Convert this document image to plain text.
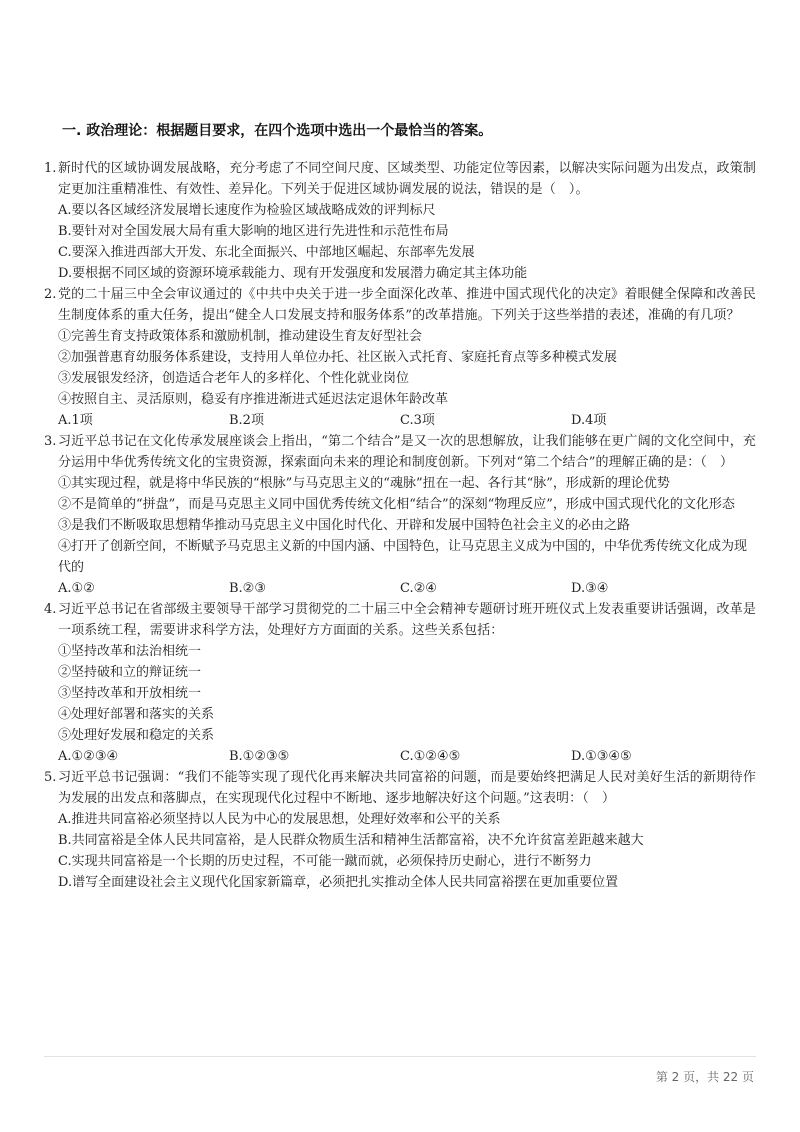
一. 政治理论：根据题目要求，在四个选项中选出一个最恰当的答案。
1. 新时代的区域协调发展战略，充分考虑了不同空间尺度、区域类型、功能定位等因素，以解决实际问题为出发点，政策制定更加注重精准性、有效性、差异化。下列关于促进区域协调发展的说法，错误的是（　）。
A.要以各区域经济发展增长速度作为检验区域战略成效的评判标尺
B.要针对对全国发展大局有重大影响的地区进行先进性和示范性布局
C.要深入推进西部大开发、东北全面振兴、中部地区崛起、东部率先发展
D.要根据不同区域的资源环境承载能力、现有开发强度和发展潜力确定其主体功能
2. 党的二十届三中全会审议通过的《中共中央关于进一步全面深化改革、推进中国式现代化的决定》着眼健全保障和改善民生制度体系的重大任务，提出“健全人口发展支持和服务体系”的改革措施。下列关于这些举措的表述，准确的有几项？
①完善生育支持政策体系和激励机制，推动建设生育友好型社会
②加强普惠育幼服务体系建设，支持用人单位办托、社区嵌入式托育、家庭托育点等多种模式发展
③发展银发经济，创造适合老年人的多样化、个性化就业岗位
④按照自主、灵活原则，稳妥有序推进渐进式延迟法定退休年龄改革
A.1项	B.2项	C.3项	D.4项
3. 习近平总书记在文化传承发展座谈会上指出，“第二个结合”是又一次的思想解放，让我们能够在更广阔的文化空间中，充分运用中华优秀传统文化的宝贵资源，探索面向未来的理论和制度创新。下列对“第二个结合”的理解正确的是：（　）
①其实现过程，就是将中华民族的“根脉”与马克思主义的“魂脉”扭在一起、各行其“脉”，形成新的理论优势
②不是简单的“拼盘”，而是马克思主义同中国优秀传统文化相“结合”的深刻“物理反应”，形成中国式现代化的文化形态
③是我们不断吸取思想精华推动马克思主义中国化时代化、开辟和发展中国特色社会主义的必由之路
④打开了创新空间，不断赋予马克思主义新的中国内涵、中国特色，让马克思主义成为中国的，中华优秀传统文化成为现代的
A.①②	B.②③	C.②④	D.③④
4. 习近平总书记在省部级主要领导干部学习贯彻党的二十届三中全会精神专题研讨班开班仪式上发表重要讲话强调，改革是一项系统工程，需要讲求科学方法，处理好方方面面的关系。这些关系包括：
①坚持改革和法治相统一
②坚持破和立的辩证统一
③坚持改革和开放相统一
④处理好部署和落实的关系
⑤处理好发展和稳定的关系
A.①②③④	B.①②③⑤	C.①②④⑤	D.①③④⑤
5. 习近平总书记强调：“我们不能等实现了现代化再来解决共同富裕的问题，而是要始终把满足人民对美好生活的新期待作为发展的出发点和落脚点，在实现现代化过程中不断地、逐步地解决好这个问题。”这表明：（　）
A.推进共同富裕必须坚持以人民为中心的发展思想，处理好效率和公平的关系
B.共同富裕是全体人民共同富裕，是人民群众物质生活和精神生活都富裕，决不允许贫富差距越来越大
C.实现共同富裕是一个长期的历史过程，不可能一蹴而就，必须保持历史耐心，进行不断努力
D.谱写全面建设社会主义现代化国家新篇章，必须把扎实推动全体人民共同富裕摆在更加重要位置
第 2 页，共 22 页
